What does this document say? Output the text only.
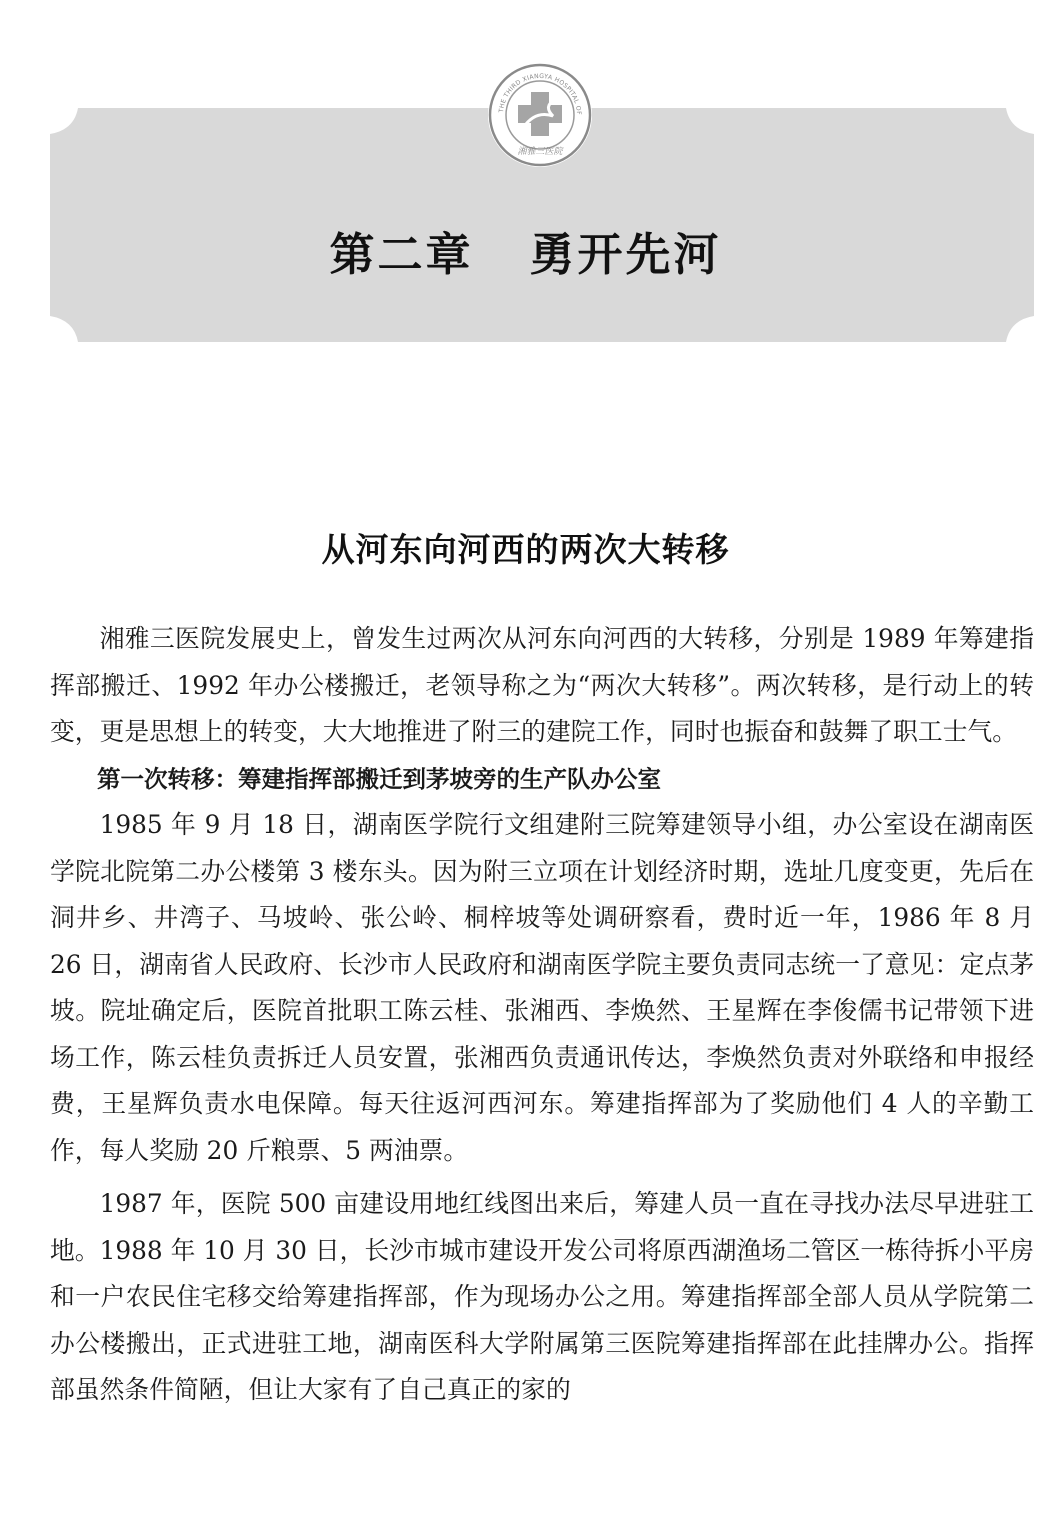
THE THIRD XIANGYA HOSPITAL OF
湘雅三医院
第二章 勇开先河
从河东向河西的两次大转移

湘雅三医院发展史上，曾发生过两次从河东向河西的大转移，分别是 1989 年筹建指挥部搬迁、1992 年办公楼搬迁，老领导称之为“两次大转移”。两次转移，是行动上的转变，更是思想上的转变，大大地推进了附三的建院工作，同时也振奋和鼓舞了职工士气。

第一次转移：筹建指挥部搬迁到茅坡旁的生产队办公室

1985 年 9 月 18 日，湖南医学院行文组建附三院筹建领导小组，办公室设在湖南医学院北院第二办公楼第 3 楼东头。因为附三立项在计划经济时期，选址几度变更，先后在洞井乡、井湾子、马坡岭、张公岭、桐梓坡等处调研察看，费时近一年，1986 年 8 月 26 日，湖南省人民政府、长沙市人民政府和湖南医学院主要负责同志统一了意见：定点茅坡。院址确定后，医院首批职工陈云桂、张湘西、李焕然、王星辉在李俊儒书记带领下进场工作，陈云桂负责拆迁人员安置，张湘西负责通讯传达，李焕然负责对外联络和申报经费，王星辉负责水电保障。每天往返河西河东。筹建指挥部为了奖励他们 4 人的辛勤工作，每人奖励 20 斤粮票、5 两油票。

1987 年，医院 500 亩建设用地红线图出来后，筹建人员一直在寻找办法尽早进驻工地。1988 年 10 月 30 日，长沙市城市建设开发公司将原西湖渔场二管区一栋待拆小平房和一户农民住宅移交给筹建指挥部，作为现场办公之用。筹建指挥部全部人员从学院第二办公楼搬出，正式进驻工地，湖南医科大学附属第三医院筹建指挥部在此挂牌办公。指挥部虽然条件简陋，但让大家有了自己真正的家的
